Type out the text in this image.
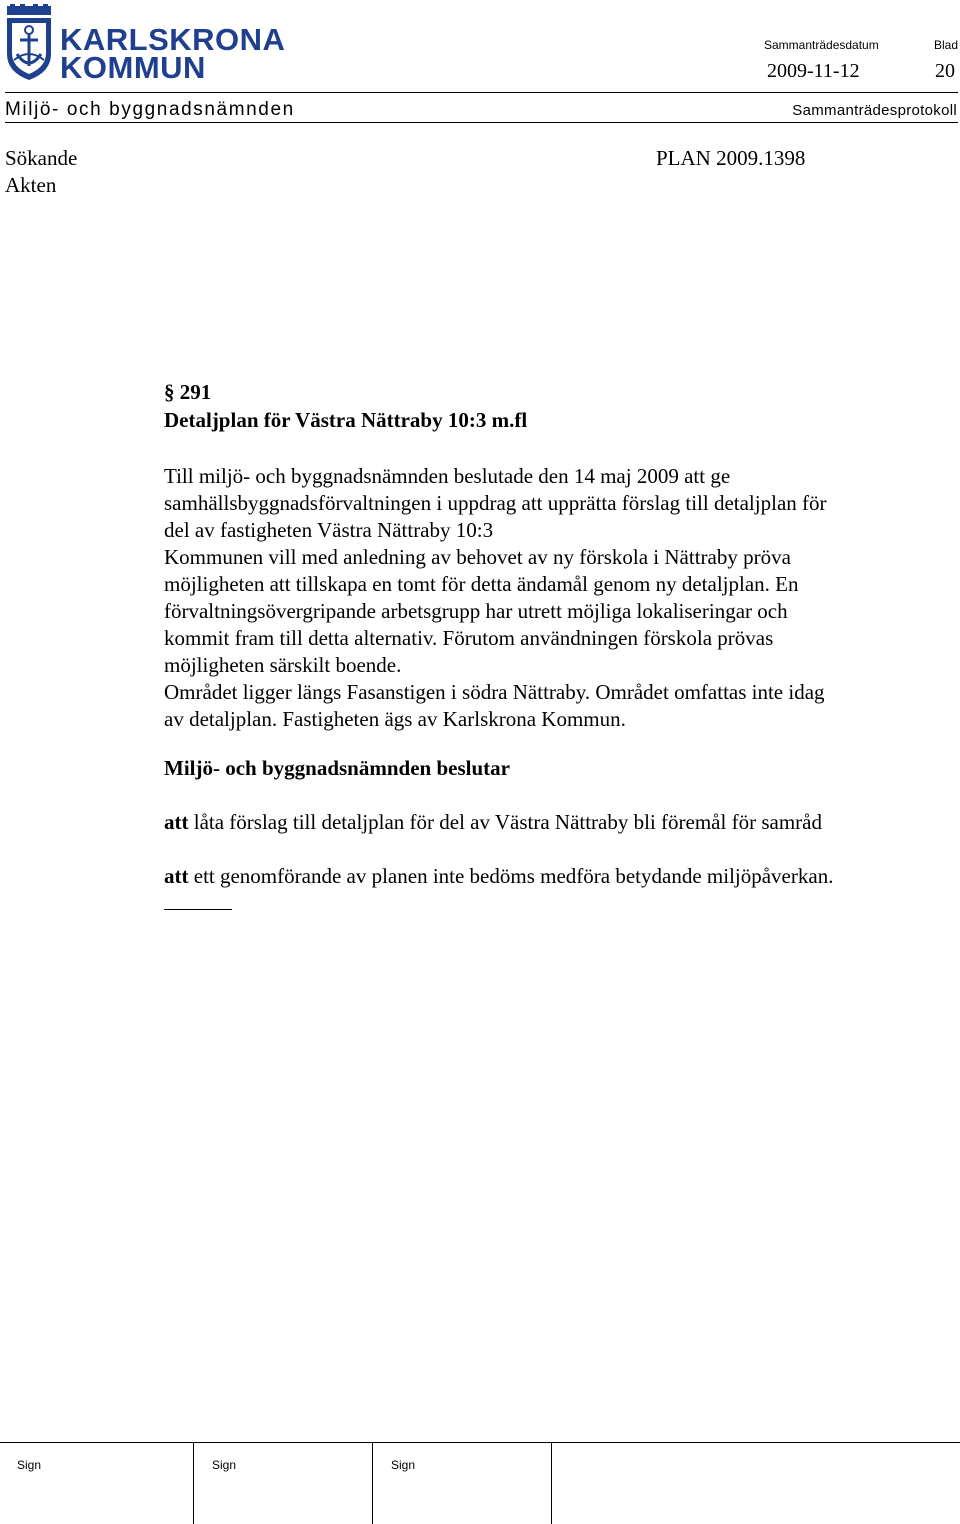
KARLSKRONA
KOMMUN
Sammanträdesdatum	Blad
2009-11-12	20
Miljö- och byggnadsnämnden	Sammanträdesprotokoll
Sökande
Akten
PLAN 2009.1398
§ 291
Detaljplan för Västra Nättraby 10:3 m.fl
Till miljö- och byggnadsnämnden beslutade den 14 maj 2009 att ge
samhällsbyggnadsförvaltningen i uppdrag att upprätta förslag till detaljplan för
del av fastigheten Västra Nättraby 10:3
Kommunen vill med anledning av behovet av ny förskola i Nättraby pröva
möjligheten att tillskapa en tomt för detta ändamål genom ny detaljplan. En
förvaltningsövergripande arbetsgrupp har utrett möjliga lokaliseringar och
kommit fram till detta alternativ. Förutom användningen förskola prövas
möjligheten särskilt boende.
Området ligger längs Fasanstigen i södra Nättraby. Området omfattas inte idag
av detaljplan. Fastigheten ägs av Karlskrona Kommun.
Miljö- och byggnadsnämnden beslutar
att låta förslag till detaljplan för del av Västra Nättraby bli föremål för samråd
att ett genomförande av planen inte bedöms medföra betydande miljöpåverkan.
Sign	Sign	Sign
